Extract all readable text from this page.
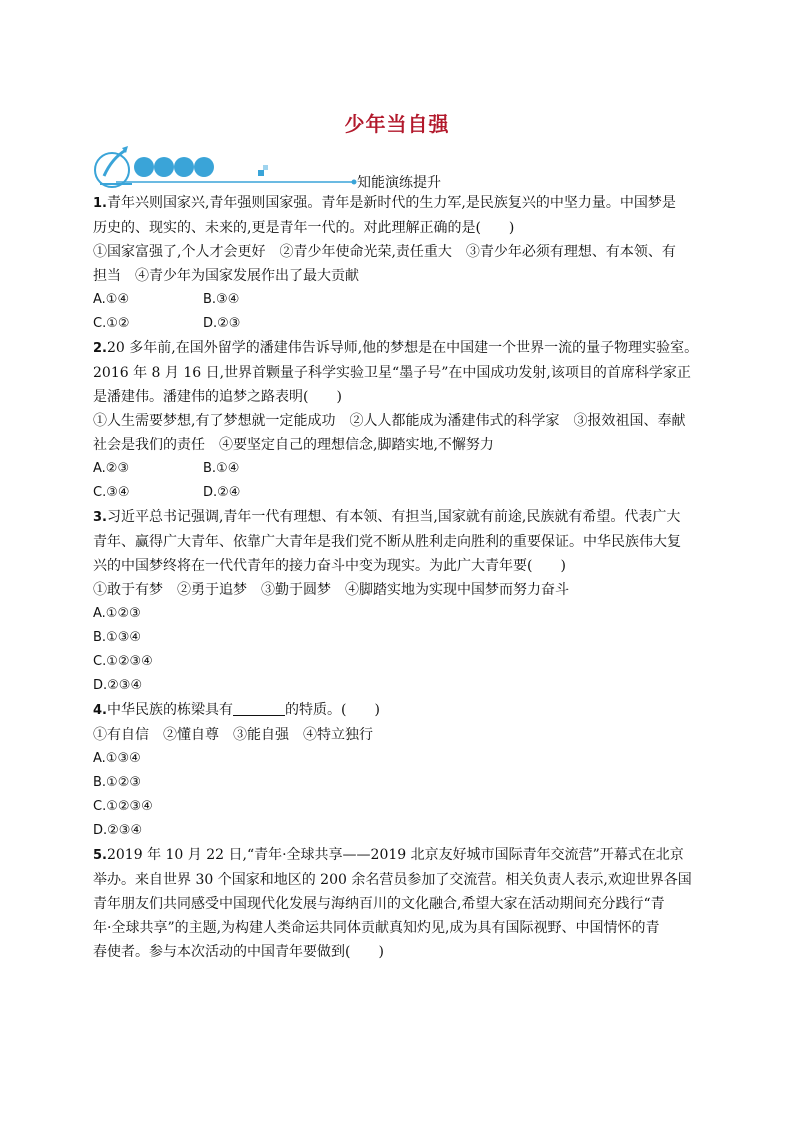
少年当自强
知能演练提升

1.青年兴则国家兴,青年强则国家强。青年是新时代的生力军,是民族复兴的中坚力量。中国梦是

历史的、现实的、未来的,更是青年一代的。对此理解正确的是(　　)

①国家富强了,个人才会更好　②青少年使命光荣,责任重大　③青少年必须有理想、有本领、有

担当　④青少年为国家发展作出了最大贡献

A.①④	B.③④
C.①②	D.②③

2.20 多年前,在国外留学的潘建伟告诉导师,他的梦想是在中国建一个世界一流的量子物理实验室。

2016 年 8 月 16 日,世界首颗量子科学实验卫星“墨子号”在中国成功发射,该项目的首席科学家正

是潘建伟。潘建伟的追梦之路表明(　　)

①人生需要梦想,有了梦想就一定能成功　②人人都能成为潘建伟式的科学家　③报效祖国、奉献

社会是我们的责任　④要坚定自己的理想信念,脚踏实地,不懈努力

A.②③	B.①④
C.③④	D.②④

3.习近平总书记强调,青年一代有理想、有本领、有担当,国家就有前途,民族就有希望。代表广大

青年、赢得广大青年、依靠广大青年是我们党不断从胜利走向胜利的重要保证。中华民族伟大复

兴的中国梦终将在一代代青年的接力奋斗中变为现实。为此广大青年要(　　)

①敢于有梦　②勇于追梦　③勤于圆梦　④脚踏实地为实现中国梦而努力奋斗

A.①②③

B.①③④

C.①②③④

D.②③④

4.中华民族的栋梁具有	的特质。(　　)

①有自信　②懂自尊　③能自强　④特立独行

A.①③④

B.①②③

C.①②③④

D.②③④

5.2019 年 10 月 22 日,“青年·全球共享——2019 北京友好城市国际青年交流营”开幕式在北京

举办。来自世界 30 个国家和地区的 200 余名营员参加了交流营。相关负责人表示,欢迎世界各国

青年朋友们共同感受中国现代化发展与海纳百川的文化融合,希望大家在活动期间充分践行“青

年·全球共享”的主题,为构建人类命运共同体贡献真知灼见,成为具有国际视野、中国情怀的青

春使者。参与本次活动的中国青年要做到(　　)
